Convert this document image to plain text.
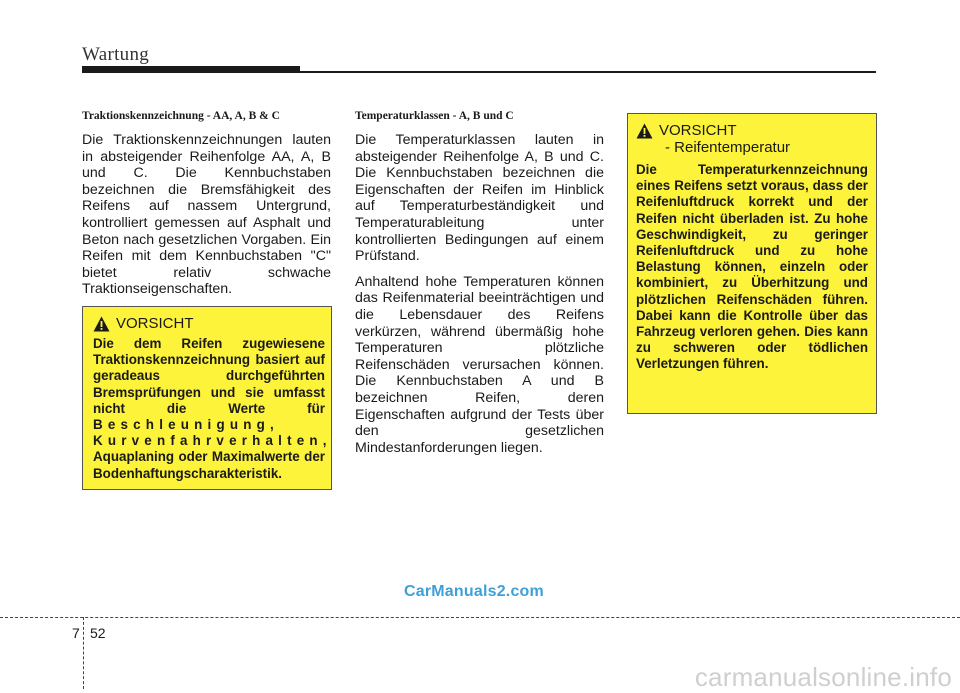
Wartung

Traktionskennzeichnung - AA, A, B & C

Die Traktionskennzeichnungen lauten in absteigender Reihenfolge AA, A, B und C. Die Kennbuchstaben bezeichnen die Bremsfähigkeit des Reifens auf nassem Untergrund, kontrolliert gemessen auf Asphalt und Beton nach gesetzlichen Vorgaben. Ein Reifen mit dem Kennbuchstaben "C" bietet relativ schwache Traktionseigenschaften.

Temperaturklassen - A, B und C

Die Temperaturklassen lauten in absteigender Reihenfolge A, B und C. Die Kennbuchstaben bezeichnen die Eigenschaften der Reifen im Hinblick auf Temperaturbeständigkeit und Temperaturableitung unter kontrollierten Bedingungen auf einem Prüfstand.

Anhaltend hohe Temperaturen können das Reifenmaterial beeinträchtigen und die Lebensdauer des Reifens verkürzen, während übermäßig hohe Temperaturen plötzliche Reifenschäden verursachen können. Die Kennbuchstaben A und B bezeichnen Reifen, deren Eigenschaften aufgrund der Tests über den gesetzlichen Mindestanforderungen liegen.

VORSICHT

Die dem Reifen zugewiesene Traktionskennzeichnung basiert auf geradeaus durchgeführten Bremsprüfungen und sie umfasst nicht die Werte für Beschleunigung, Kurvenfahrverhalten, Aquaplaning oder Maximalwerte der Bodenhaftungscharakteristik.

VORSICHT
- Reifentemperatur

Die Temperaturkennzeichnung eines Reifens setzt voraus, dass der Reifenluftdruck korrekt und der Reifen nicht überladen ist. Zu hohe Geschwindigkeit, zu geringer Reifenluftdruck und zu hohe Belastung können, einzeln oder kombiniert, zu Überhitzung und plötzlichen Reifenschäden führen. Dabei kann die Kontrolle über das Fahrzeug verloren gehen. Dies kann zu schweren oder tödlichen Verletzungen führen.

CarManuals2.com
7 52
carmanualsonline.info
